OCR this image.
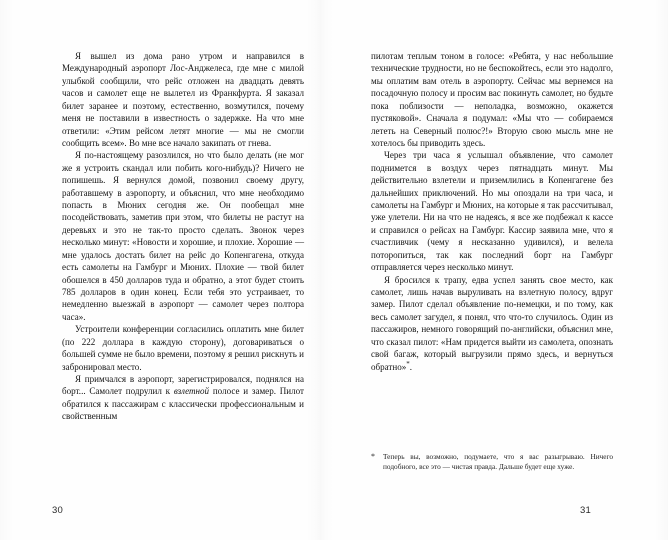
Я вышел из дома рано утром и направился в Международный аэропорт Лос-Анджелеса, где мне с милой улыбкой сообщили, что рейс отложен на двадцать девять часов и самолет еще не вылетел из Франкфурта. Я заказал билет заранее и поэтому, естественно, возмутился, почему меня не поставили в известность о задержке. На что мне ответили: «Этим рейсом летят многие — мы не смогли сообщить всем». Во мне все начало закипать от гнева.

Я по-настоящему разозлился, но что было делать (не мог же я устроить скандал или побить кого-нибудь)? Ничего не попишешь. Я вернулся домой, позвонил своему другу, работавшему в аэропорту, и объяснил, что мне необходимо попасть в Мюних сегодня же. Он пообещал мне посодействовать, заметив при этом, что билеты не растут на деревьях и это не так-то просто сделать. Звонок через несколько минут: «Новости и хорошие, и плохие. Хорошие — мне удалось достать билет на рейс до Копенгагена, откуда есть самолеты на Гамбург и Мюних. Плохие — твой билет обошелся в 450 долларов туда и обратно, а этот будет стоить 785 долларов в один конец. Если тебя это устраивает, то немедленно выезжай в аэропорт — самолет через полтора часа».

Устроители конференции согласились оплатить мне билет (по 222 доллара в каждую сторону), договариваться о большей сумме не было времени, поэтому я решил рискнуть и забронировал место.

Я примчался в аэропорт, зарегистрировался, поднялся на борт... Самолет подрулил к взлетной полосе и замер. Пилот обратился к пассажирам с классически профессиональным и свойственным

30

пилотам теплым тоном в голосе: «Ребята, у нас небольшие технические трудности, но не беспокойтесь, если это надолго, мы оплатим вам отель в аэропорту. Сейчас мы вернемся на посадочную полосу и просим вас покинуть самолет, но будьте пока поблизости — неполадка, возможно, окажется пустяковой». Сначала я подумал: «Мы что — собираемся лететь на Северный полюс?!» Вторую свою мысль мне не хотелось бы приводить здесь.

Через три часа я услышал объявление, что самолет поднимется в воздух через пятнадцать минут. Мы действительно взлетели и приземлились в Копенгагене без дальнейших приключений. Но мы опоздали на три часа, и самолеты на Гамбург и Мюних, на которые я так рассчитывал, уже улетели. Ни на что не надеясь, я все же подбежал к кассе и справился о рейсах на Гамбург. Кассир заявила мне, что я счастливчик (чему я несказанно удивился), и велела поторопиться, так как последний борт на Гамбург отправляется через несколько минут.

Я бросился к трапу, едва успел занять свое место, как самолет, лишь начав выруливать на взлетную полосу, вдруг замер. Пилот сделал объявление по-немецки, и по тому, как весь самолет загудел, я понял, что что-то случилось. Один из пассажиров, немного говорящий по-английски, объяснил мне, что сказал пилот: «Нам придется выйти из самолета, опознать свой багаж, который выгрузили прямо здесь, и вернуться обратно»*.

*	Теперь вы, возможно, подумаете, что я вас разыгрываю. Ничего подобного, все это — чистая правда. Дальше будет еще хуже.
31
